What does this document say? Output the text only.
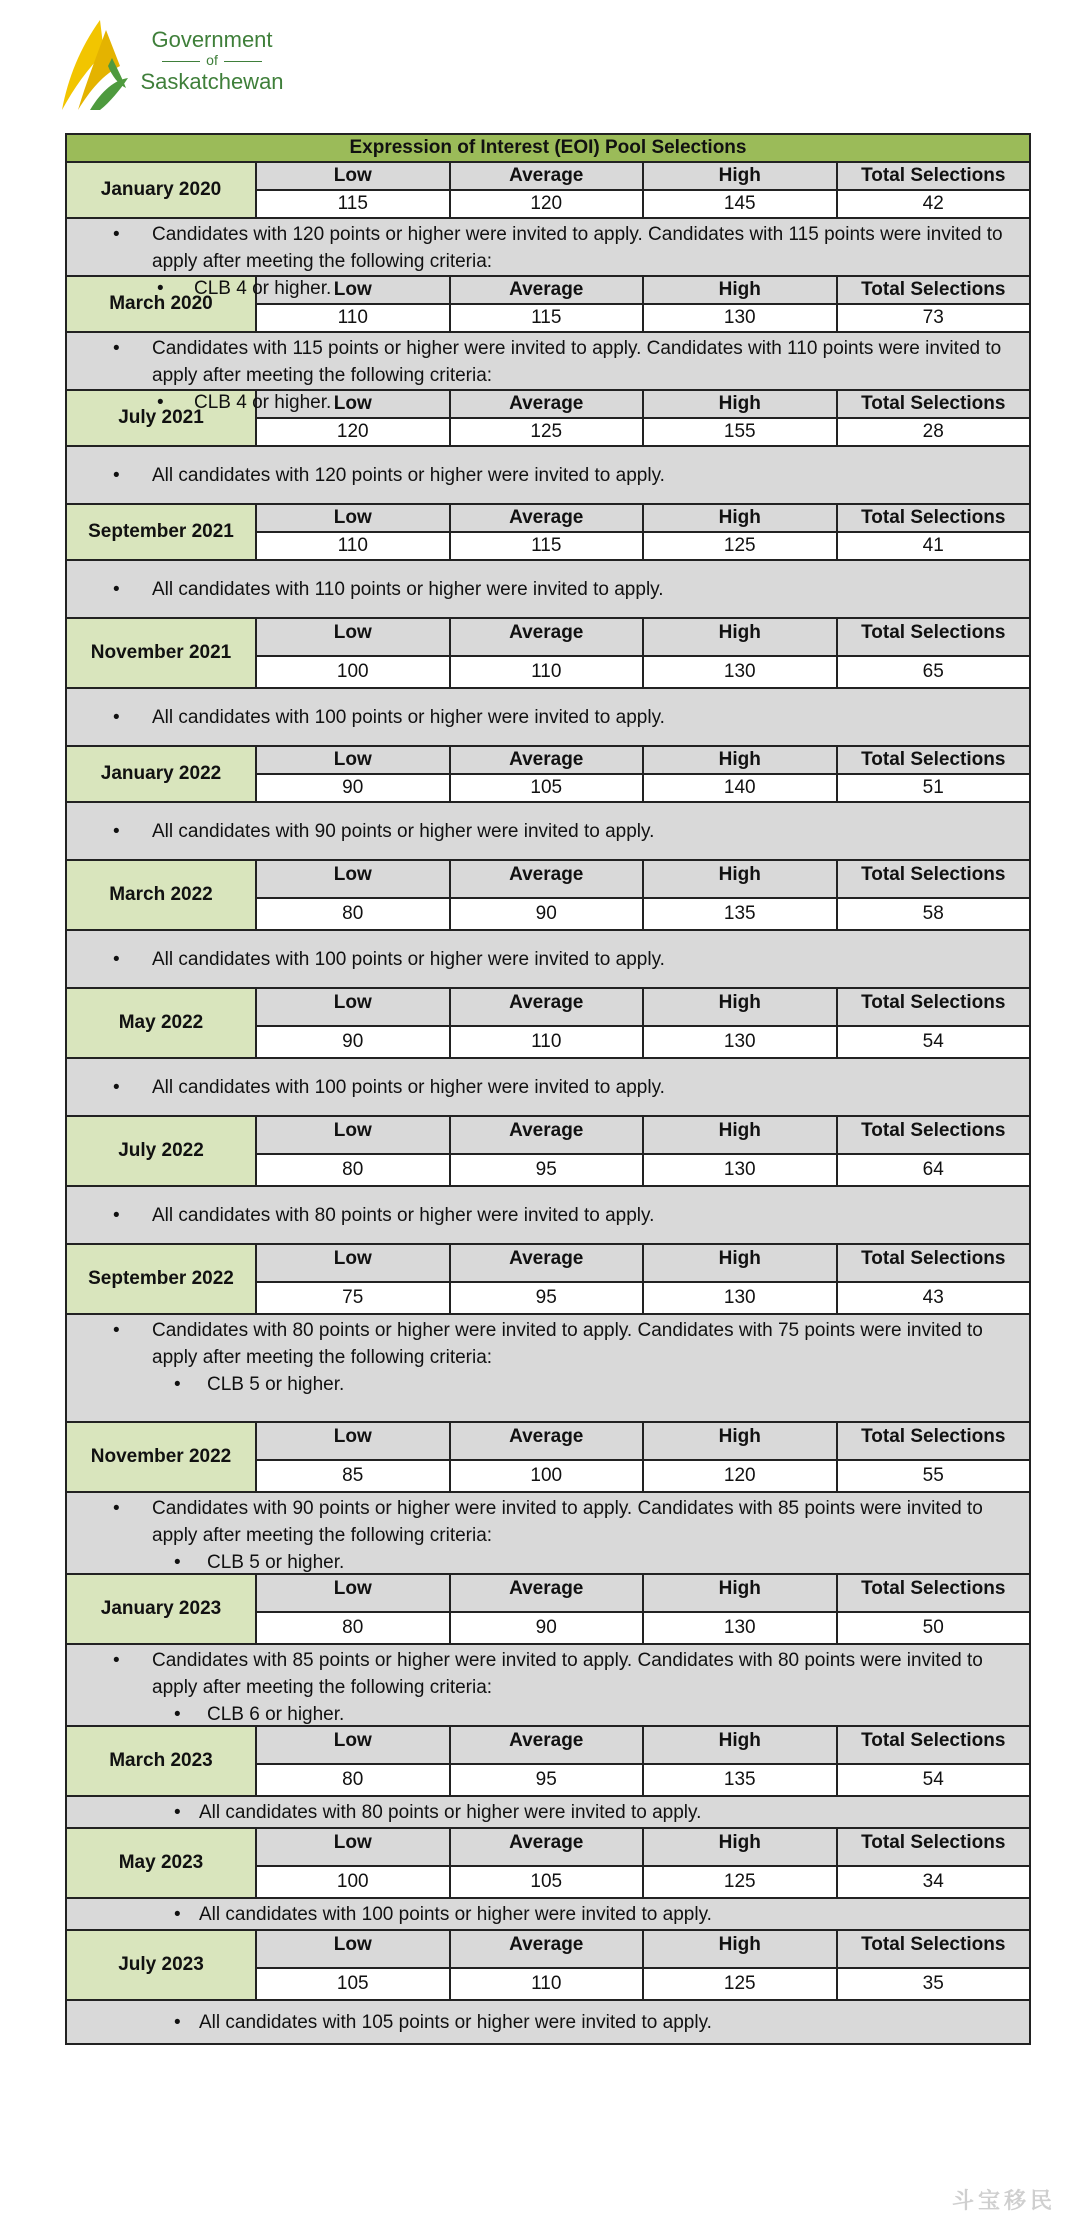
Government
of
Saskatchewan
Expression of Interest (EOI) Pool Selections
January 2020
Low	Average	High	Total Selections
115	120	145	42
• Candidates with 120 points or higher were invited to apply. Candidates with 115 points were invited to apply after meeting the following criteria:
• CLB 4 or higher.
March 2020
Low	Average	High	Total Selections
110	115	130	73
• Candidates with 115 points or higher were invited to apply. Candidates with 110 points were invited to apply after meeting the following criteria:
• CLB 4 or higher.
July 2021
Low	Average	High	Total Selections
120	125	155	28
• All candidates with 120 points or higher were invited to apply.
September 2021
Low	Average	High	Total Selections
110	115	125	41
• All candidates with 110 points or higher were invited to apply.
November 2021
Low	Average	High	Total Selections
100	110	130	65
• All candidates with 100 points or higher were invited to apply.
January 2022
Low	Average	High	Total Selections
90	105	140	51
• All candidates with 90 points or higher were invited to apply.
March 2022
Low	Average	High	Total Selections
80	90	135	58
• All candidates with 100 points or higher were invited to apply.
May 2022
Low	Average	High	Total Selections
90	110	130	54
• All candidates with 100 points or higher were invited to apply.
July 2022
Low	Average	High	Total Selections
80	95	130	64
• All candidates with 80 points or higher were invited to apply.
September 2022
Low	Average	High	Total Selections
75	95	130	43
• Candidates with 80 points or higher were invited to apply. Candidates with 75 points were invited to apply after meeting the following criteria:
• CLB 5 or higher.
November 2022
Low	Average	High	Total Selections
85	100	120	55
• Candidates with 90 points or higher were invited to apply. Candidates with 85 points were invited to apply after meeting the following criteria:
• CLB 5 or higher.
January 2023
Low	Average	High	Total Selections
80	90	130	50
• Candidates with 85 points or higher were invited to apply. Candidates with 80 points were invited to apply after meeting the following criteria:
• CLB 6 or higher.
March 2023
Low	Average	High	Total Selections
80	95	135	54
• All candidates with 80 points or higher were invited to apply.
May 2023
Low	Average	High	Total Selections
100	105	125	34
• All candidates with 100 points or higher were invited to apply.
July 2023
Low	Average	High	Total Selections
105	110	125	35
• All candidates with 105 points or higher were invited to apply.
斗宝移民
